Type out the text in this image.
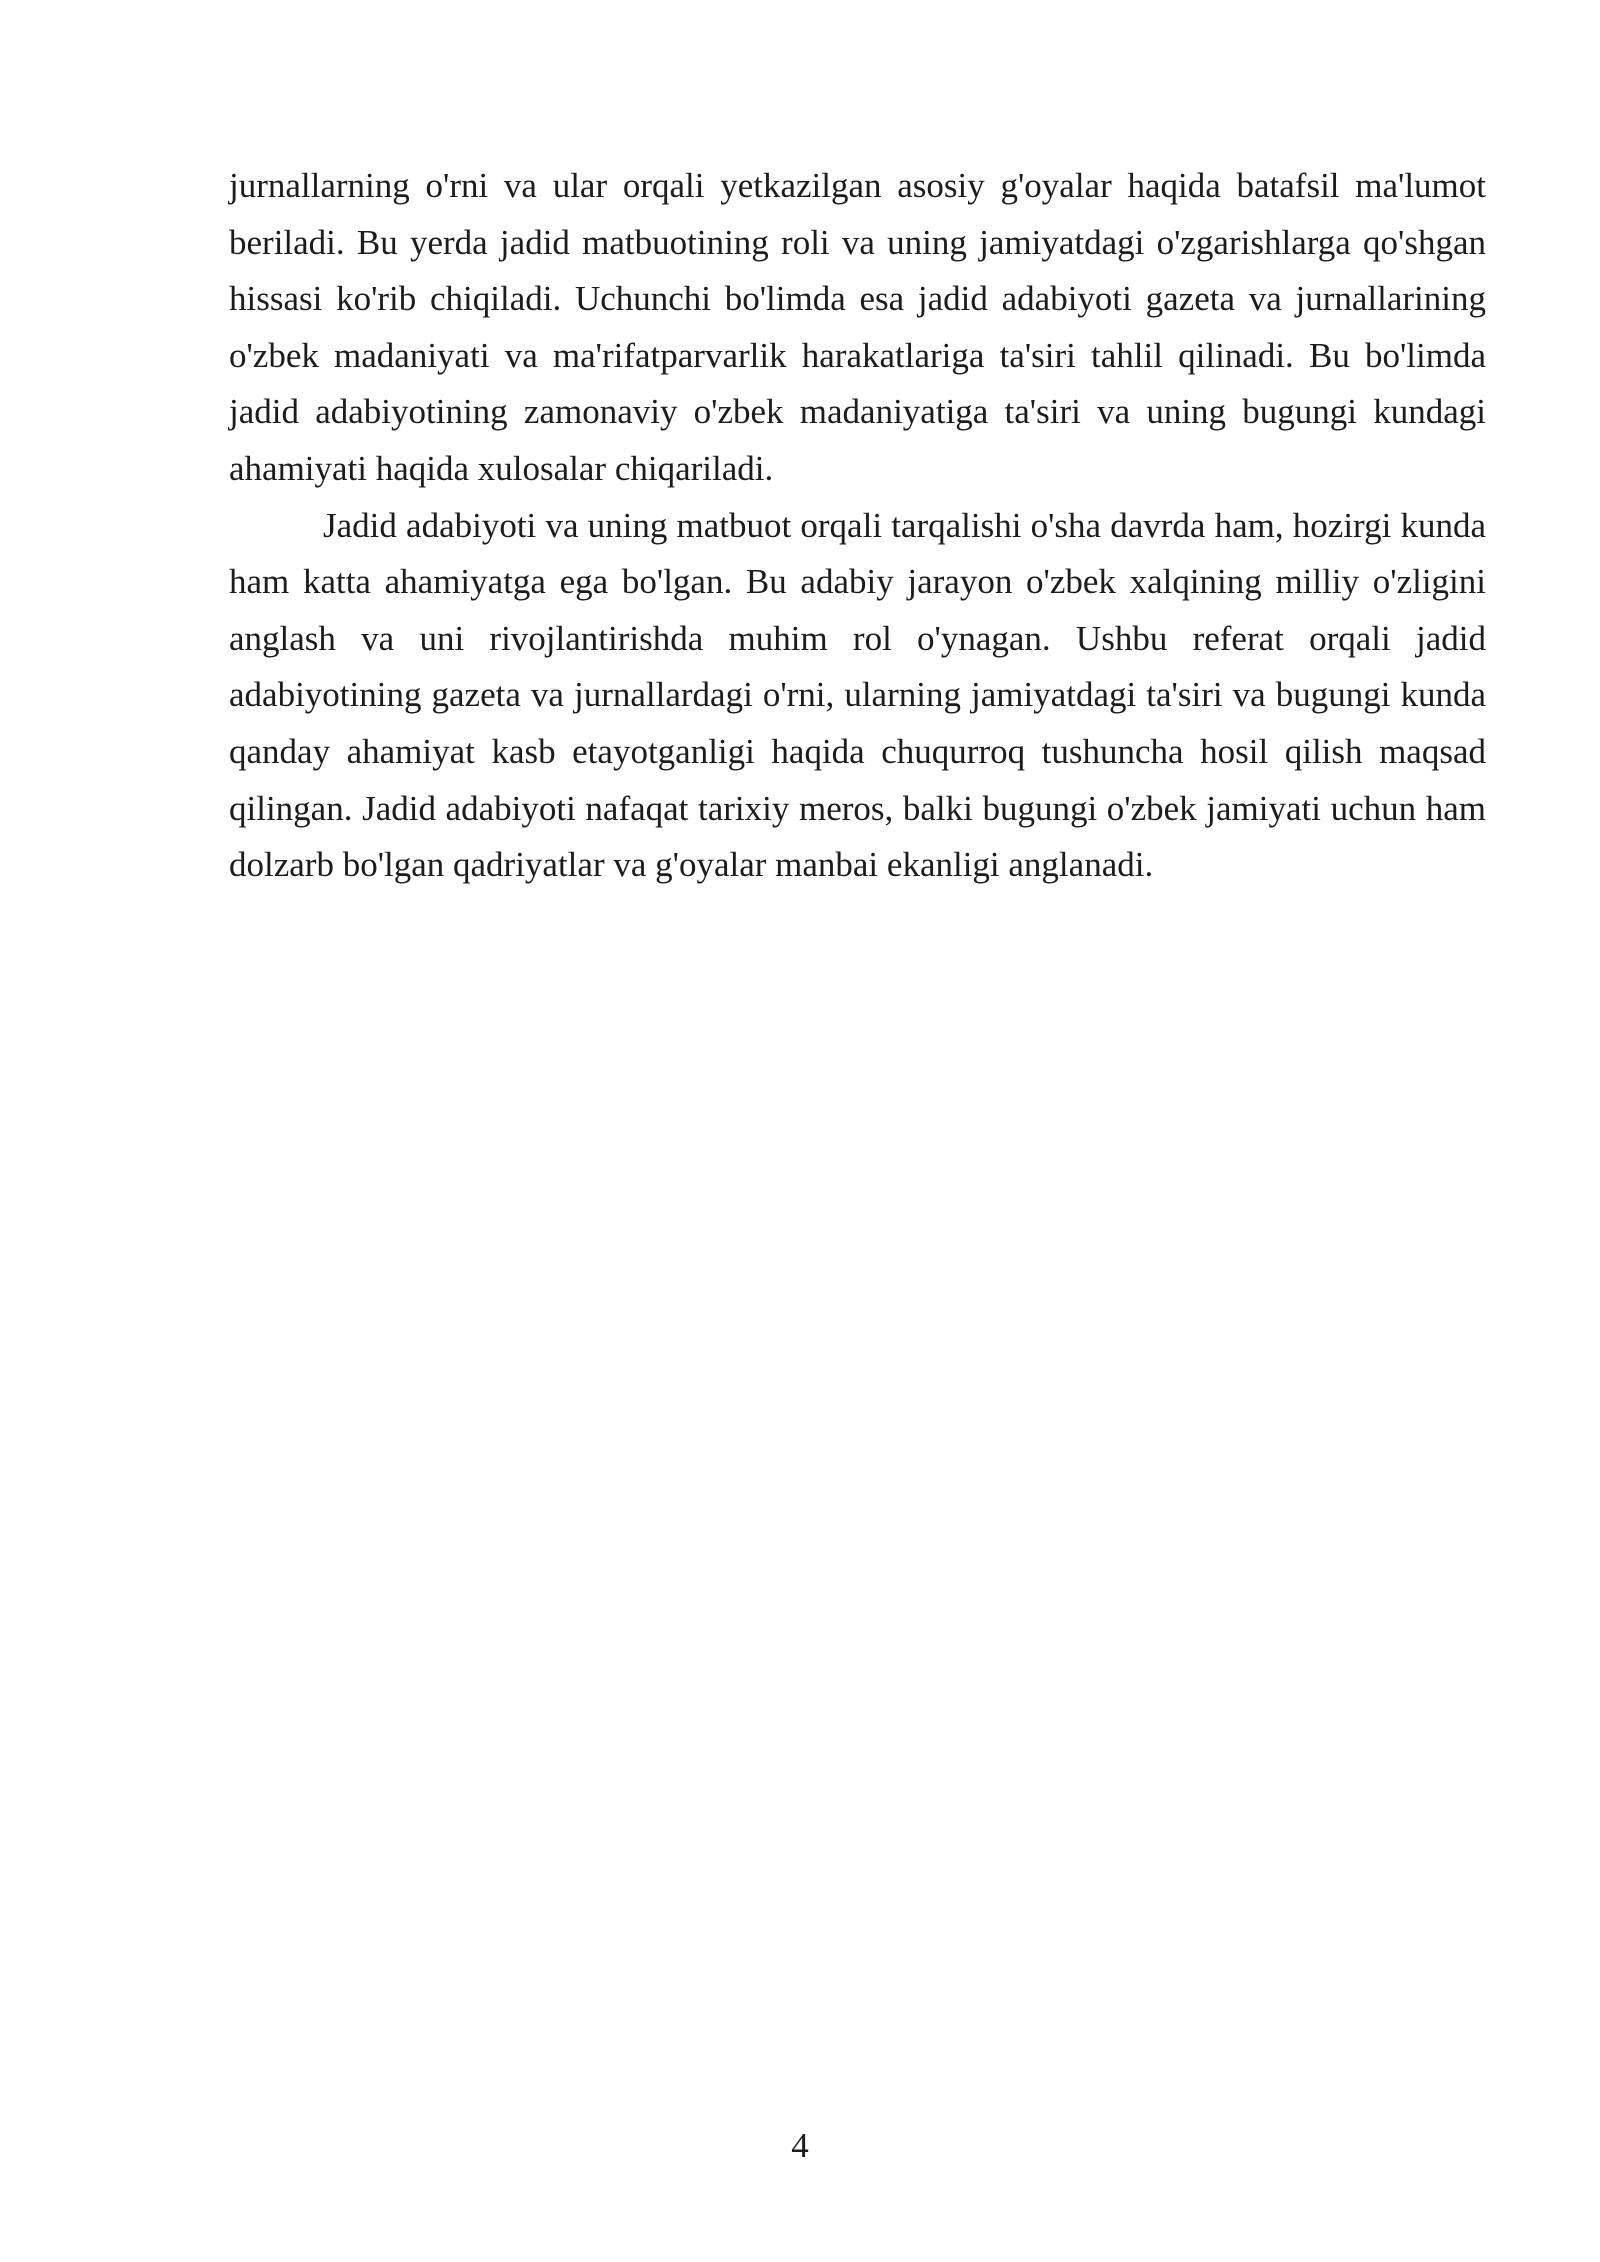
jurnallarning o'rni va ular orqali yetkazilgan asosiy g'oyalar haqida batafsil ma'lumot beriladi. Bu yerda jadid matbuotining roli va uning jamiyatdagi o'zgarishlarga qo'shgan hissasi ko'rib chiqiladi. Uchunchi bo'limda esa jadid adabiyoti gazeta va jurnallarining o'zbek madaniyati va ma'rifatparvarlik harakatlariga ta'siri tahlil qilinadi. Bu bo'limda jadid adabiyotining zamonaviy o'zbek madaniyatiga ta'siri va uning bugungi kundagi ahamiyati haqida xulosalar chiqariladi.

Jadid adabiyoti va uning matbuot orqali tarqalishi o'sha davrda ham, hozirgi kunda ham katta ahamiyatga ega bo'lgan. Bu adabiy jarayon o'zbek xalqining milliy o'zligini anglash va uni rivojlantirishda muhim rol o'ynagan. Ushbu referat orqali jadid adabiyotining gazeta va jurnallardagi o'rni, ularning jamiyatdagi ta'siri va bugungi kunda qanday ahamiyat kasb etayotganligi haqida chuqurroq tushuncha hosil qilish maqsad qilingan. Jadid adabiyoti nafaqat tarixiy meros, balki bugungi o'zbek jamiyati uchun ham dolzarb bo'lgan qadriyatlar va g'oyalar manbai ekanligi anglanadi.

4
